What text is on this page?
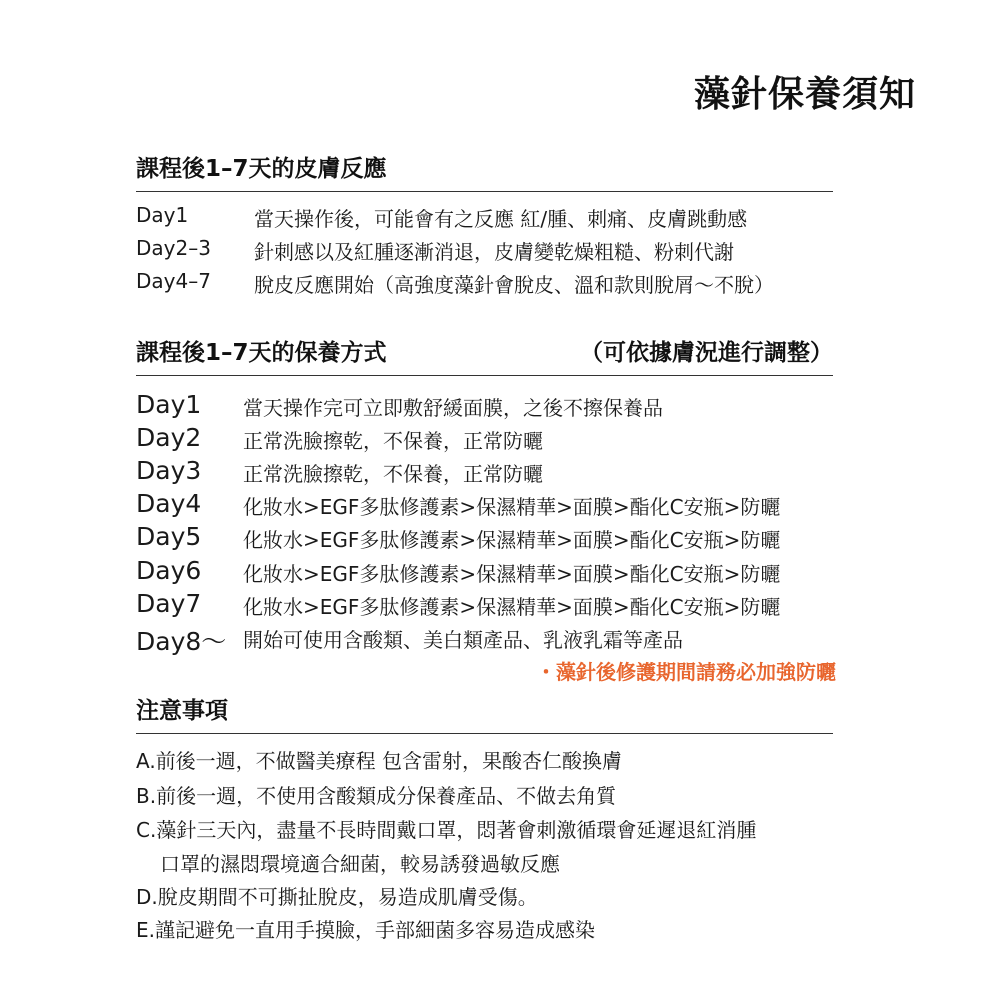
藻針保養須知
課程後1–7天的皮膚反應
Day1	當天操作後，可能會有之反應 紅/腫、刺痛、皮膚跳動感
Day2–3	針刺感以及紅腫逐漸消退，皮膚變乾燥粗糙、粉刺代謝
Day4–7	脫皮反應開始（高強度藻針會脫皮、溫和款則脫屑～不脫）
課程後1–7天的保養方式	（可依據膚況進行調整）
Day1	當天操作完可立即敷舒緩面膜，之後不擦保養品
Day2	正常洗臉擦乾，不保養，正常防曬
Day3	正常洗臉擦乾，不保養，正常防曬
Day4	化妝水>EGF多肽修護素>保濕精華>面膜>酯化C安瓶>防曬
Day5	化妝水>EGF多肽修護素>保濕精華>面膜>酯化C安瓶>防曬
Day6	化妝水>EGF多肽修護素>保濕精華>面膜>酯化C安瓶>防曬
Day7	化妝水>EGF多肽修護素>保濕精華>面膜>酯化C安瓶>防曬
Day8～ 開始可使用含酸類、美白類產品、乳液乳霜等產品
・藻針後修護期間請務必加強防曬
注意事項
A.前後一週，不做醫美療程 包含雷射，果酸杏仁酸換膚
B.前後一週，不使用含酸類成分保養產品、不做去角質
C.藻針三天內，盡量不長時間戴口罩，悶著會刺激循環會延遲退紅消腫
口罩的濕悶環境適合細菌，較易誘發過敏反應
D.脫皮期間不可撕扯脫皮，易造成肌膚受傷。
E.謹記避免一直用手摸臉，手部細菌多容易造成感染
